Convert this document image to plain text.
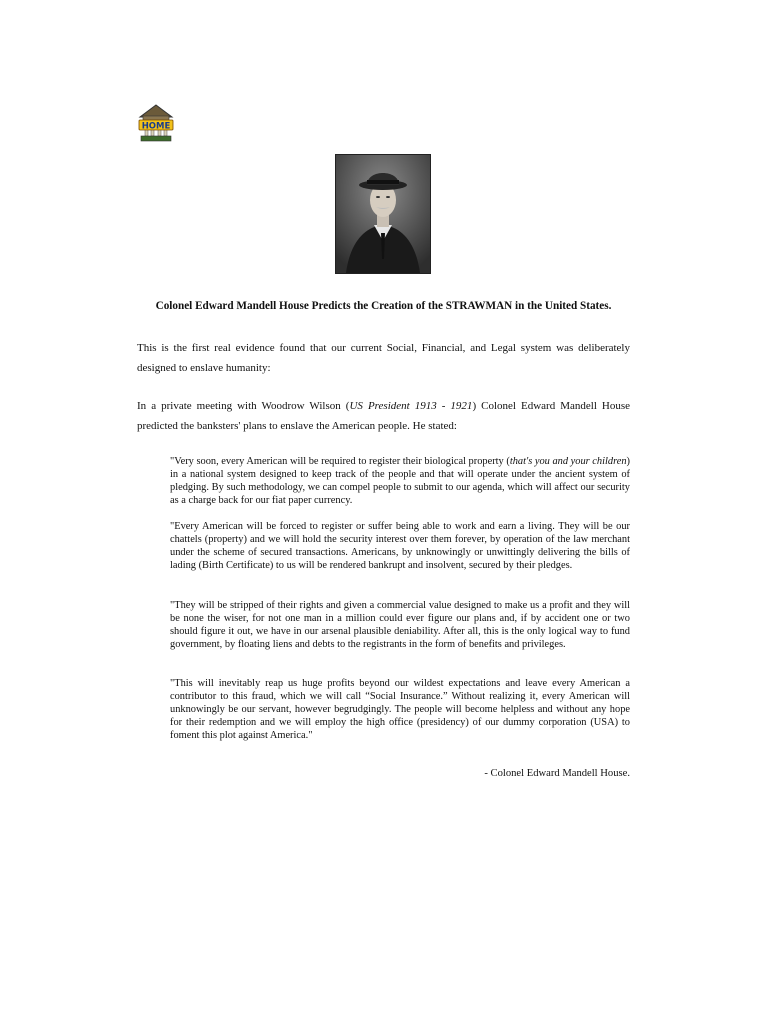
HOME
Colonel Edward Mandell House Predicts the Creation of the STRAWMAN in the United States.

This is the first real evidence found that our current Social, Financial, and Legal system was deliberately designed to enslave humanity:

In a private meeting with Woodrow Wilson (US President 1913 - 1921) Colonel Edward Mandell House predicted the banksters' plans to enslave the American people. He stated:

"Very soon, every American will be required to register their biological property (that's you and your children) in a national system designed to keep track of the people and that will operate under the ancient system of pledging. By such methodology, we can compel people to submit to our agenda, which will affect our security as a charge back for our fiat paper currency.

"Every American will be forced to register or suffer being able to work and earn a living. They will be our chattels (property) and we will hold the security interest over them forever, by operation of the law merchant under the scheme of secured transactions. Americans, by unknowingly or unwittingly delivering the bills of lading (Birth Certificate) to us will be rendered bankrupt and insolvent, secured by their pledges.

"They will be stripped of their rights and given a commercial value designed to make us a profit and they will be none the wiser, for not one man in a million could ever figure our plans and, if by accident one or two should figure it out, we have in our arsenal plausible deniability. After all, this is the only logical way to fund government, by floating liens and debts to the registrants in the form of benefits and privileges.

"This will inevitably reap us huge profits beyond our wildest expectations and leave every American a contributor to this fraud, which we will call “Social Insurance.” Without realizing it, every American will unknowingly be our servant, however begrudgingly. The people will become helpless and without any hope for their redemption and we will employ the high office (presidency) of our dummy corporation (USA) to foment this plot against America."

- Colonel Edward Mandell House.
